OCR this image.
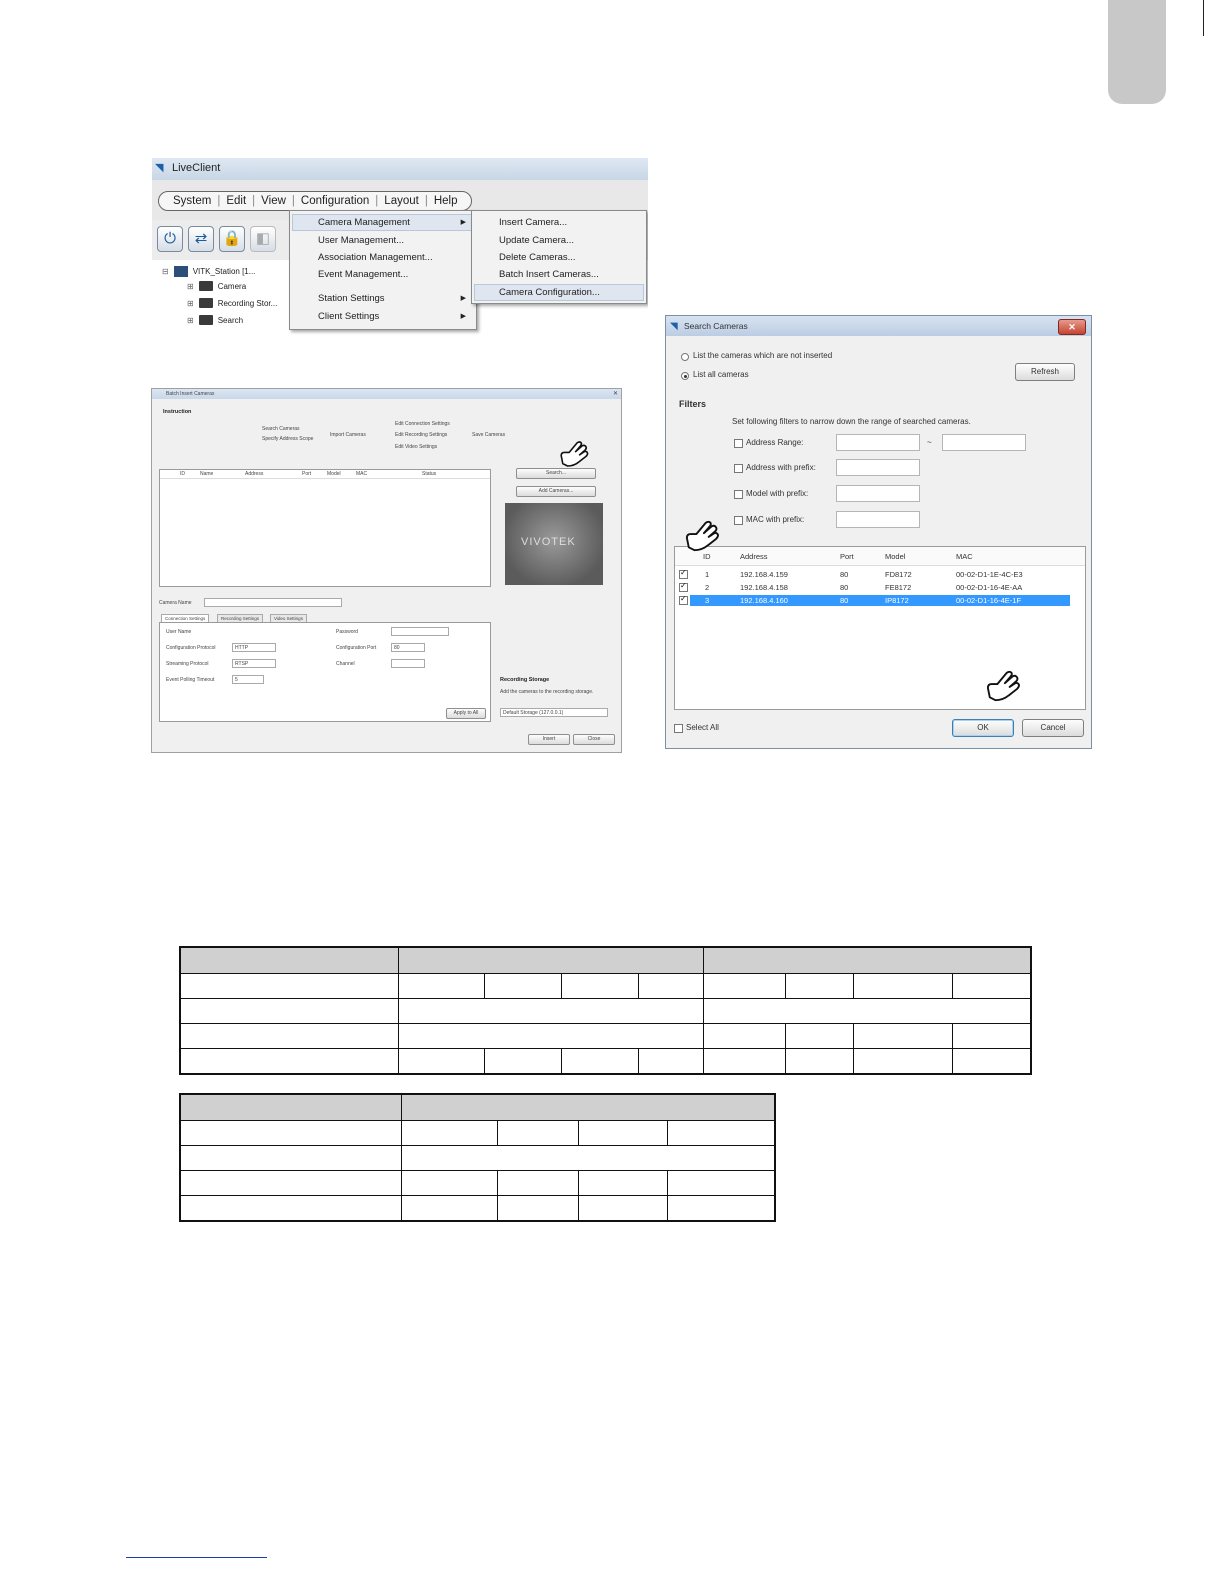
◥ LiveClient
System | Edit | View | Configuration | Layout | Help
⏻	⇄	🔒 ◧
⊟	VITK_Station [1...
⊞	Camera
⊞	Recording Stor...
⊞	Search
Camera Management	▶
User Management...
Association Management...
Event Management...
Station Settings	▶
Client Settings	▶
Insert Camera...
Update Camera...
Delete Cameras...
Batch Insert Cameras...
Camera Configuration...
Batch Insert Cameras	✕
Instruction
Search Cameras
Specify Address Scope
Import Cameras
Edit Connection Settings
Edit Recording Settings
Edit Video Settings
Save Cameras
ID	Name	Address	Port	Model	MAC	Status	Search...
Add Cameras...
VIVOTEK
Camera Name
Connection Settings	Recording Settings	Video Settings
User Name	Password
Configuration Protocol	HTTP	Configuration Port	80
Streaming Protocol	RTSP	Channel
Event Polling Timeout	5
Apply to All
Recording Storage
Add the cameras to the recording storage.
Default Storage (127.0.0.1)
Insert	Close
◥ Search Cameras	✕
List the cameras which are not inserted
List all cameras	Refresh
Filters
Set following filters to narrow down the range of searched cameras.
Address Range:	~
Address with prefix:
Model with prefix:
MAC with prefix:
ID	Address	Port	Model	MAC
✓
1	192.168.4.159	80	FD8172	00-02-D1-1E-4C-E3
✓
2	192.168.4.158	80	FE8172	00-02-D1-16-4E-AA
✓
3	192.168.4.160	80	IP8172	00-02-D1-16-4E-1F
Select All	OK	Cancel
